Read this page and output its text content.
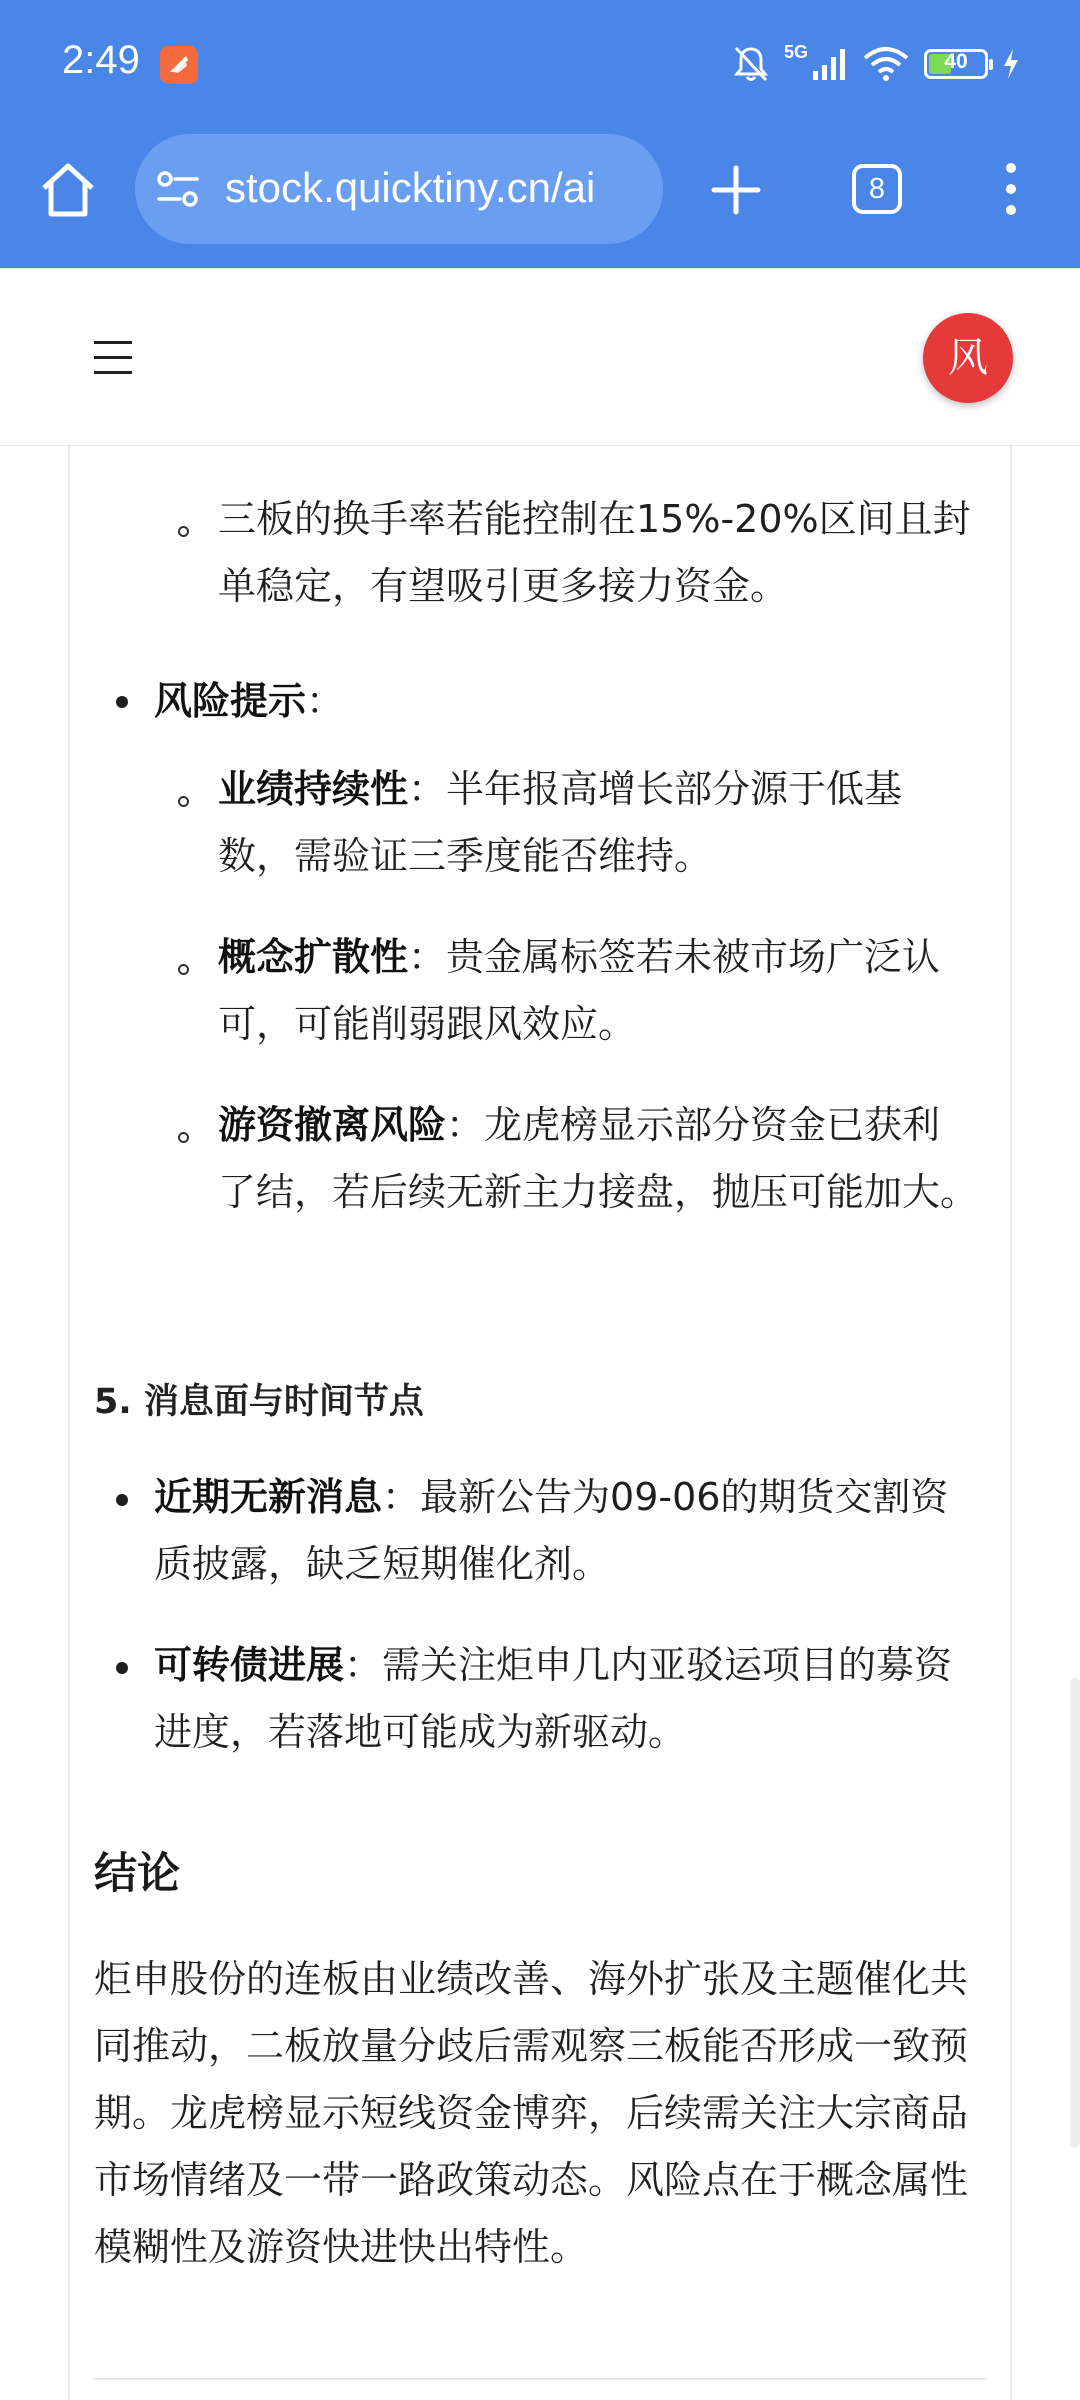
2:49	5G	40
stock.quicktiny.cn/ai	8
风
三板的换手率若能控制在15%-20%区间且封单稳定，有望吸引更多接力资金。
风险提示：
业绩持续性：半年报高增长部分源于低基数，需验证三季度能否维持。
概念扩散性：贵金属标签若未被市场广泛认可，可能削弱跟风效应。
游资撤离风险：龙虎榜显示部分资金已获利了结，若后续无新主力接盘，抛压可能加大。
5. 消息面与时间节点
近期无新消息：最新公告为09-06的期货交割资质披露，缺乏短期催化剂。
可转债进展：需关注炬申几内亚驳运项目的募资进度，若落地可能成为新驱动。
结论
炬申股份的连板由业绩改善、海外扩张及主题催化共同推动，二板放量分歧后需观察三板能否形成一致预期。龙虎榜显示短线资金博弈，后续需关注大宗商品市场情绪及一带一路政策动态。风险点在于概念属性模糊性及游资快进快出特性。
